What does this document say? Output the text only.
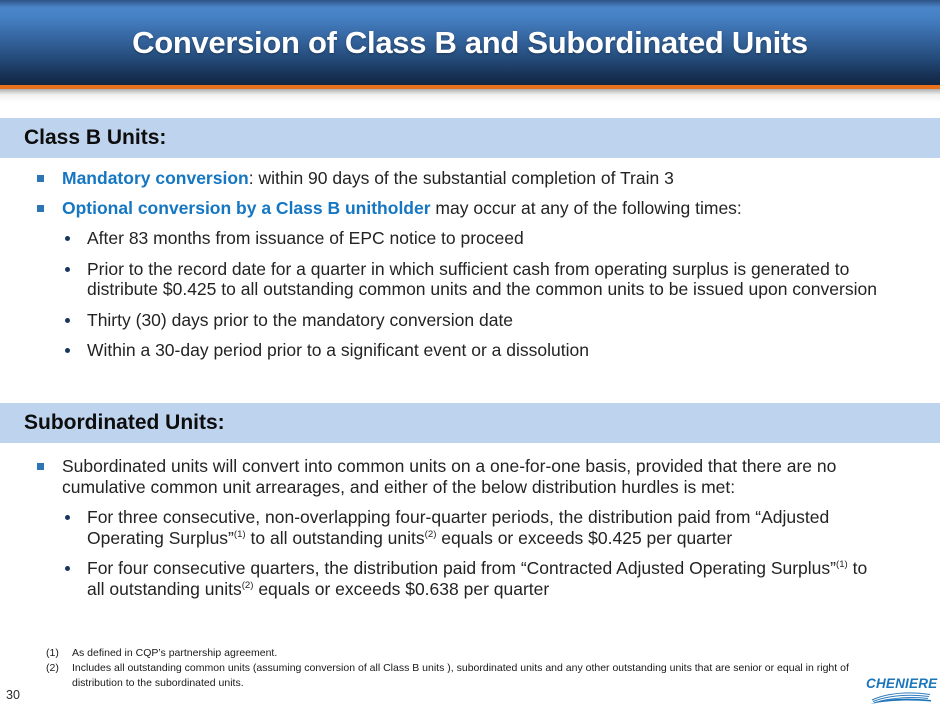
Conversion of Class B and Subordinated Units
Class B Units:
Mandatory conversion: within 90 days of the substantial completion of Train 3
Optional conversion by a Class B unitholder may occur at any of the following times:
After 83 months from issuance of EPC notice to proceed
Prior to the record date for a quarter in which sufficient cash from operating surplus is generated to distribute $0.425 to all outstanding common units and the common units to be issued upon conversion
Thirty (30) days prior to the mandatory conversion date
Within a 30-day period prior to a significant event or a dissolution
Subordinated Units:
Subordinated units will convert into common units on a one-for-one basis, provided that there are no cumulative common unit arrearages, and either of the below distribution hurdles is met:
For three consecutive, non-overlapping four-quarter periods, the distribution paid from “Adjusted Operating Surplus”$^{(1)}$ to all outstanding units$^{(2)}$ equals or exceeds $0.425 per quarter
For four consecutive quarters, the distribution paid from “Contracted Adjusted Operating Surplus”$^{(1)}$ to all outstanding units$^{(2)}$ equals or exceeds $0.638 per quarter
(1)	As defined in CQP’s partnership agreement.
(2)	Includes all outstanding common units (assuming conversion of all Class B units ), subordinated units and any other outstanding units that are senior or equal in right of distribution to the subordinated units.
30
CHENIERE
